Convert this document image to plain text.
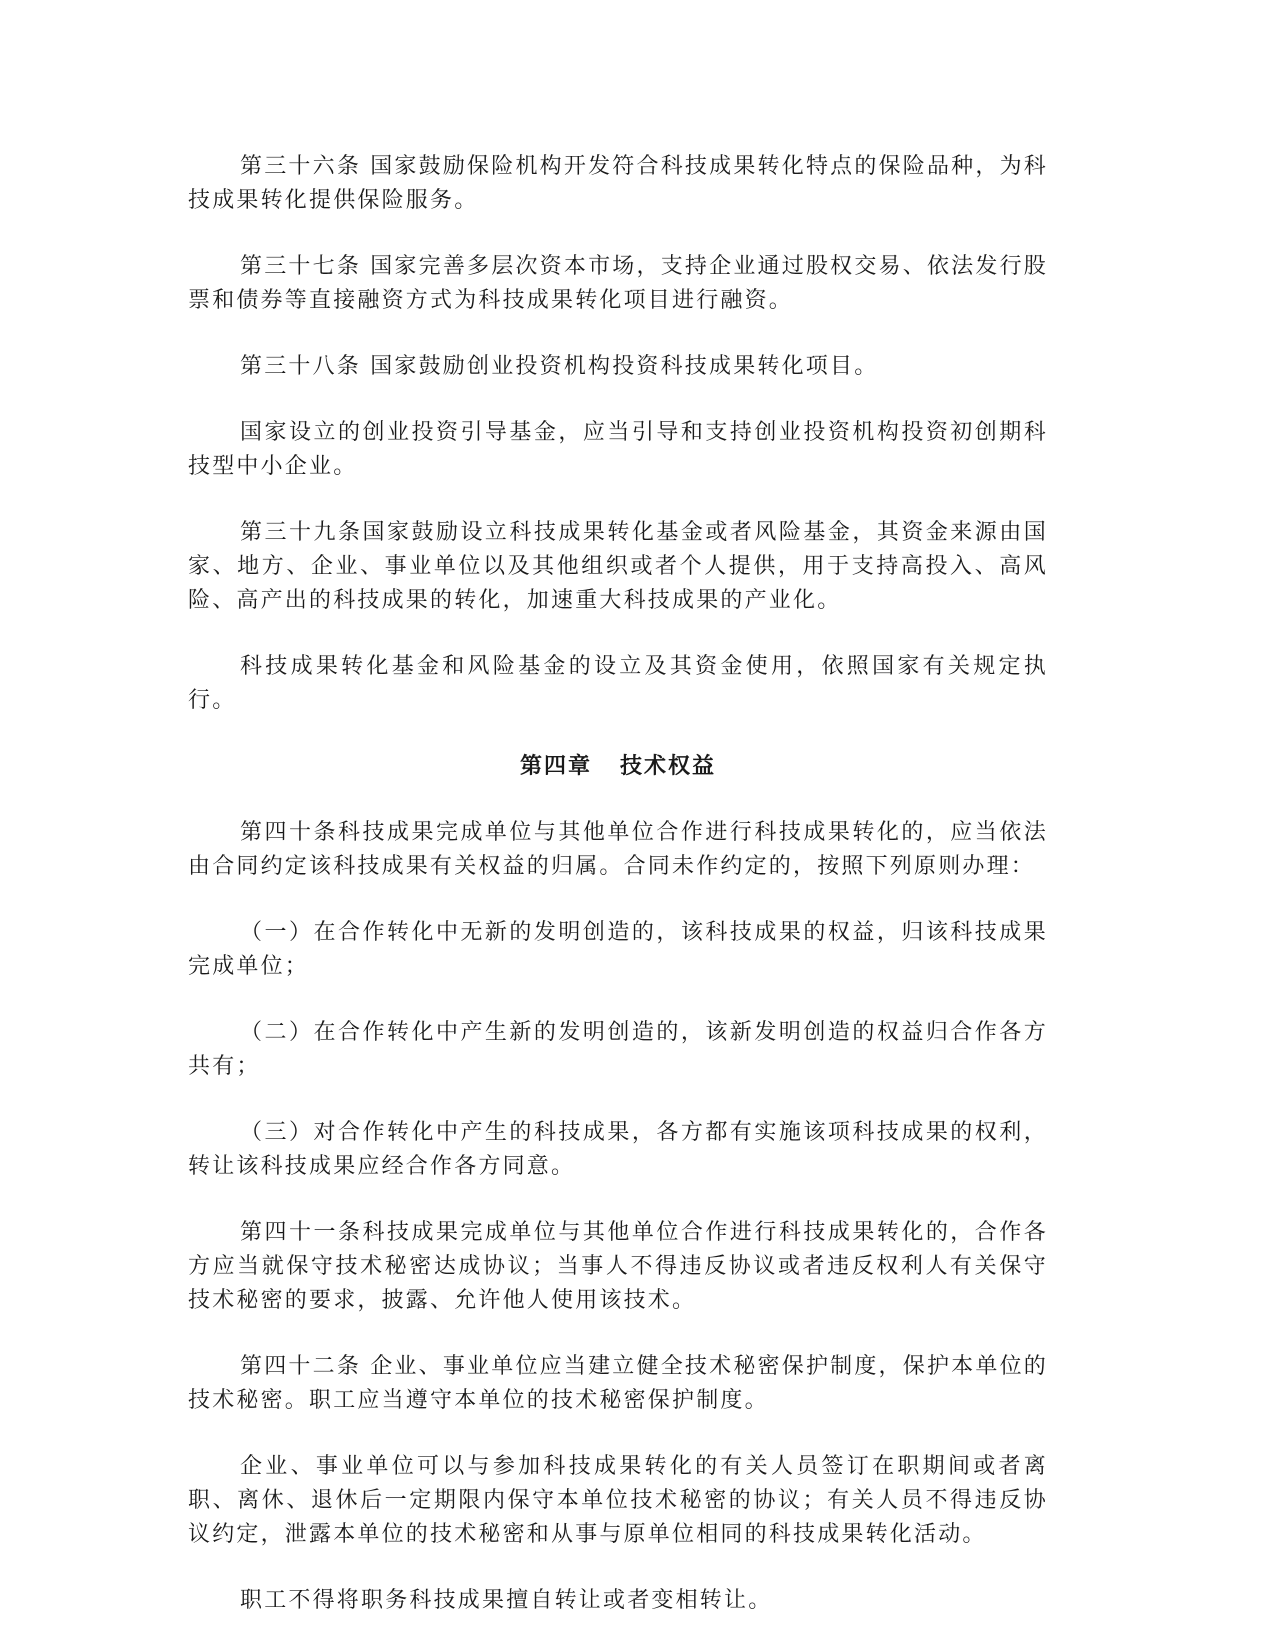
第三十六条 国家鼓励保险机构开发符合科技成果转化特点的保险品种，为科技成果转化提供保险服务。

第三十七条 国家完善多层次资本市场，支持企业通过股权交易、依法发行股票和债券等直接融资方式为科技成果转化项目进行融资。

第三十八条 国家鼓励创业投资机构投资科技成果转化项目。

国家设立的创业投资引导基金，应当引导和支持创业投资机构投资初创期科技型中小企业。

第三十九条国家鼓励设立科技成果转化基金或者风险基金，其资金来源由国家、地方、企业、事业单位以及其他组织或者个人提供，用于支持高投入、高风险、高产出的科技成果的转化，加速重大科技成果的产业化。

科技成果转化基金和风险基金的设立及其资金使用，依照国家有关规定执行。

第四章 技术权益

第四十条科技成果完成单位与其他单位合作进行科技成果转化的，应当依法由合同约定该科技成果有关权益的归属。合同未作约定的，按照下列原则办理：

（一）在合作转化中无新的发明创造的，该科技成果的权益，归该科技成果完成单位；

（二）在合作转化中产生新的发明创造的，该新发明创造的权益归合作各方共有；

（三）对合作转化中产生的科技成果，各方都有实施该项科技成果的权利，转让该科技成果应经合作各方同意。

第四十一条科技成果完成单位与其他单位合作进行科技成果转化的，合作各方应当就保守技术秘密达成协议；当事人不得违反协议或者违反权利人有关保守技术秘密的要求，披露、允许他人使用该技术。

第四十二条 企业、事业单位应当建立健全技术秘密保护制度，保护本单位的技术秘密。职工应当遵守本单位的技术秘密保护制度。

企业、事业单位可以与参加科技成果转化的有关人员签订在职期间或者离职、离休、退休后一定期限内保守本单位技术秘密的协议；有关人员不得违反协议约定，泄露本单位的技术秘密和从事与原单位相同的科技成果转化活动。

职工不得将职务科技成果擅自转让或者变相转让。
